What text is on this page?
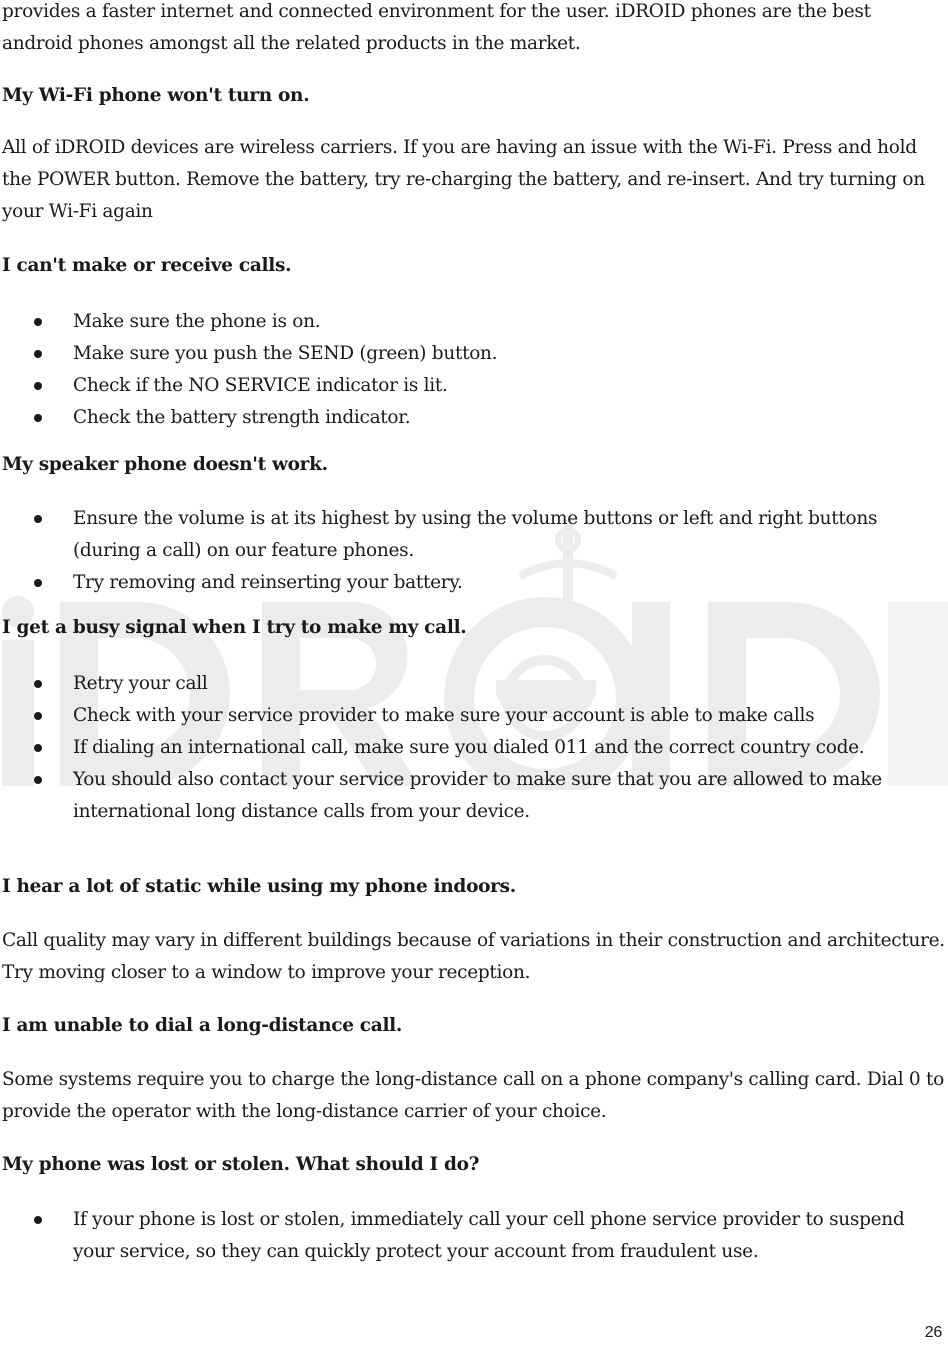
provides a faster internet and connected environment for the user. iDROID phones are the best android phones amongst all the related products in the market.

My Wi-Fi phone won't turn on.

All of iDROID devices are wireless carriers. If you are having an issue with the Wi-Fi. Press and hold the POWER button. Remove the battery, try re-charging the battery, and re-insert. And try turning on your Wi-Fi again

I can't make or receive calls.

Make sure the phone is on.
Make sure you push the SEND (green) button.
Check if the NO SERVICE indicator is lit.
Check the battery strength indicator.

My speaker phone doesn't work.

Ensure the volume is at its highest by using the volume buttons or left and right buttons (during a call) on our feature phones.
Try removing and reinserting your battery.

I get a busy signal when I try to make my call.

Retry your call
Check with your service provider to make sure your account is able to make calls
If dialing an international call, make sure you dialed 011 and the correct country code.
You should also contact your service provider to make sure that you are allowed to make     international long distance calls from your device.

I hear a lot of static while using my phone indoors.

Call quality may vary in different buildings because of variations in their construction and architecture. Try moving closer to a window to improve your reception.

I am unable to dial a long-distance call.

Some systems require you to charge the long-distance call on a phone company's calling card. Dial 0 to provide the operator with the long-distance carrier of your choice.

My phone was lost or stolen. What should I do?

If your phone is lost or stolen, immediately call your cell phone service provider to suspend your service, so they can quickly protect your account from fraudulent use.
26
